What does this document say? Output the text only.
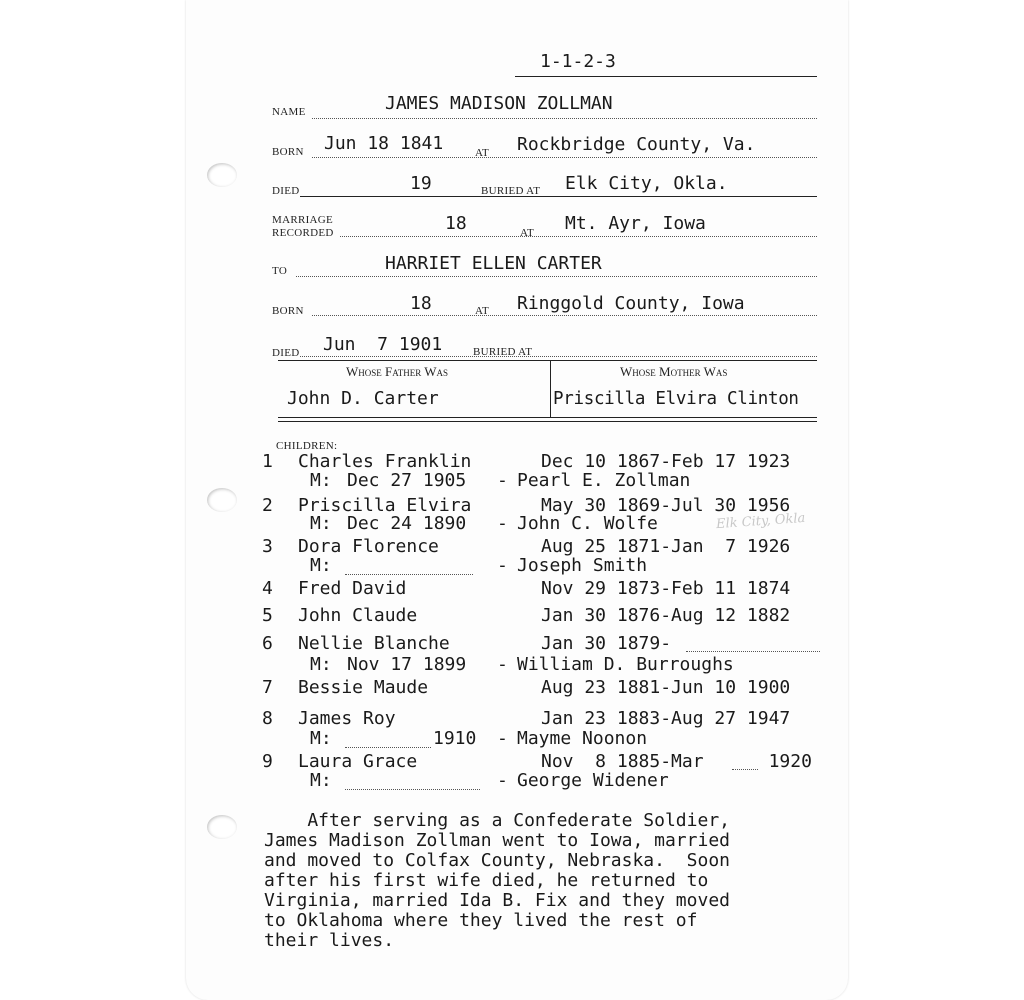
1-1-2-3
NAME	JAMES MADISON ZOLLMAN
BORN Jun 18 1841	AT Rockbridge County, Va.
DIED	19	BURIED AT Elk City, Okla.
MARRIAGE
RECORDED	18	AT Mt. Ayr, Iowa
TO	HARRIET ELLEN CARTER
BORN	18	AT Ringgold County, Iowa
DIED Jun  7 1901	BURIED AT
Whose Father Was	Whose Mother Was
John D. Carter	Priscilla Elvira Clinton
CHILDREN:
1 Charles Franklin	Dec 10 1867-Feb 17 1923
M: Dec 27 1905 - Pearl E. Zollman
2 Priscilla Elvira	May 30 1869-Jul 30 1956
M: Dec 24 1890 - John C. Wolfe	Elk City, Okla
3 Dora Florence	Aug 25 1871-Jan  7 1926
M:	- Joseph Smith
4 Fred David	Nov 29 1873-Feb 11 1874
5 John Claude	Jan 30 1876-Aug 12 1882
6 Nellie Blanche	Jan 30 1879-
M: Nov 17 1899 - William D. Burroughs
7 Bessie Maude	Aug 23 1881-Jun 10 1900
8 James Roy	Jan 23 1883-Aug 27 1947
M:	1910 - Mayme Noonon
9 Laura Grace	Nov  8 1885-Mar      1920
M:	- George Widener
After serving as a Confederate Soldier,
James Madison Zollman went to Iowa, married
and moved to Colfax County, Nebraska.  Soon
after his first wife died, he returned to
Virginia, married Ida B. Fix and they moved
to Oklahoma where they lived the rest of
their lives.
